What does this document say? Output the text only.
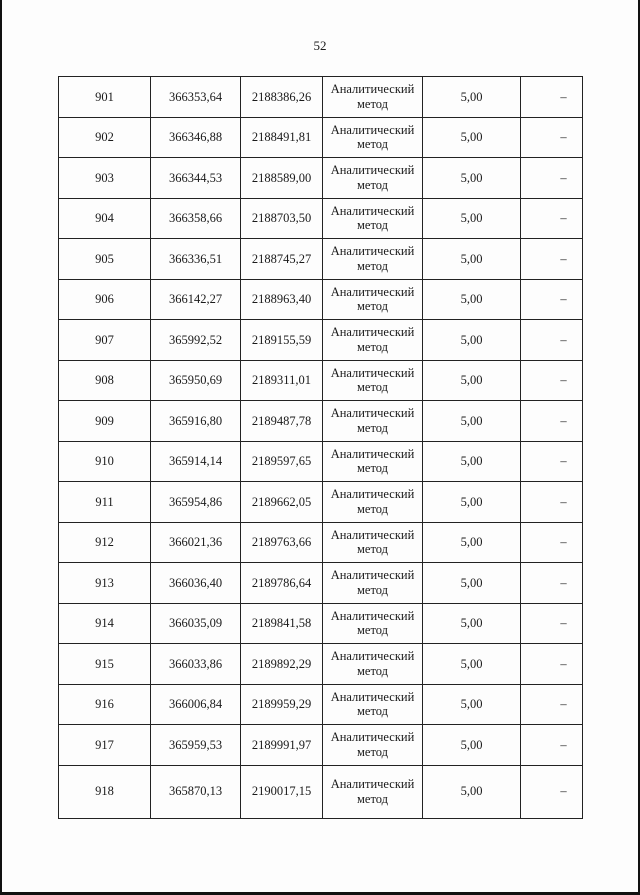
52
901	366353,64	2188386,26	Аналитический
метод	5,00	–
902	366346,88	2188491,81	Аналитический
метод	5,00	–
903	366344,53	2188589,00	Аналитический
метод	5,00	–
904	366358,66	2188703,50	Аналитический
метод	5,00	–
905	366336,51	2188745,27	Аналитический
метод	5,00	–
906	366142,27	2188963,40	Аналитический
метод	5,00	–
907	365992,52	2189155,59	Аналитический
метод	5,00	–
908	365950,69	2189311,01	Аналитический
метод	5,00	–
909	365916,80	2189487,78	Аналитический
метод	5,00	–
910	365914,14	2189597,65	Аналитический
метод	5,00	–
911	365954,86	2189662,05	Аналитический
метод	5,00	–
912	366021,36	2189763,66	Аналитический
метод	5,00	–
913	366036,40	2189786,64	Аналитический
метод	5,00	–
914	366035,09	2189841,58	Аналитический
метод	5,00	–
915	366033,86	2189892,29	Аналитический
метод	5,00	–
916	366006,84	2189959,29	Аналитический
метод	5,00	–
917	365959,53	2189991,97	Аналитический
метод	5,00	–
918	365870,13	2190017,15	Аналитический
метод	5,00	–
